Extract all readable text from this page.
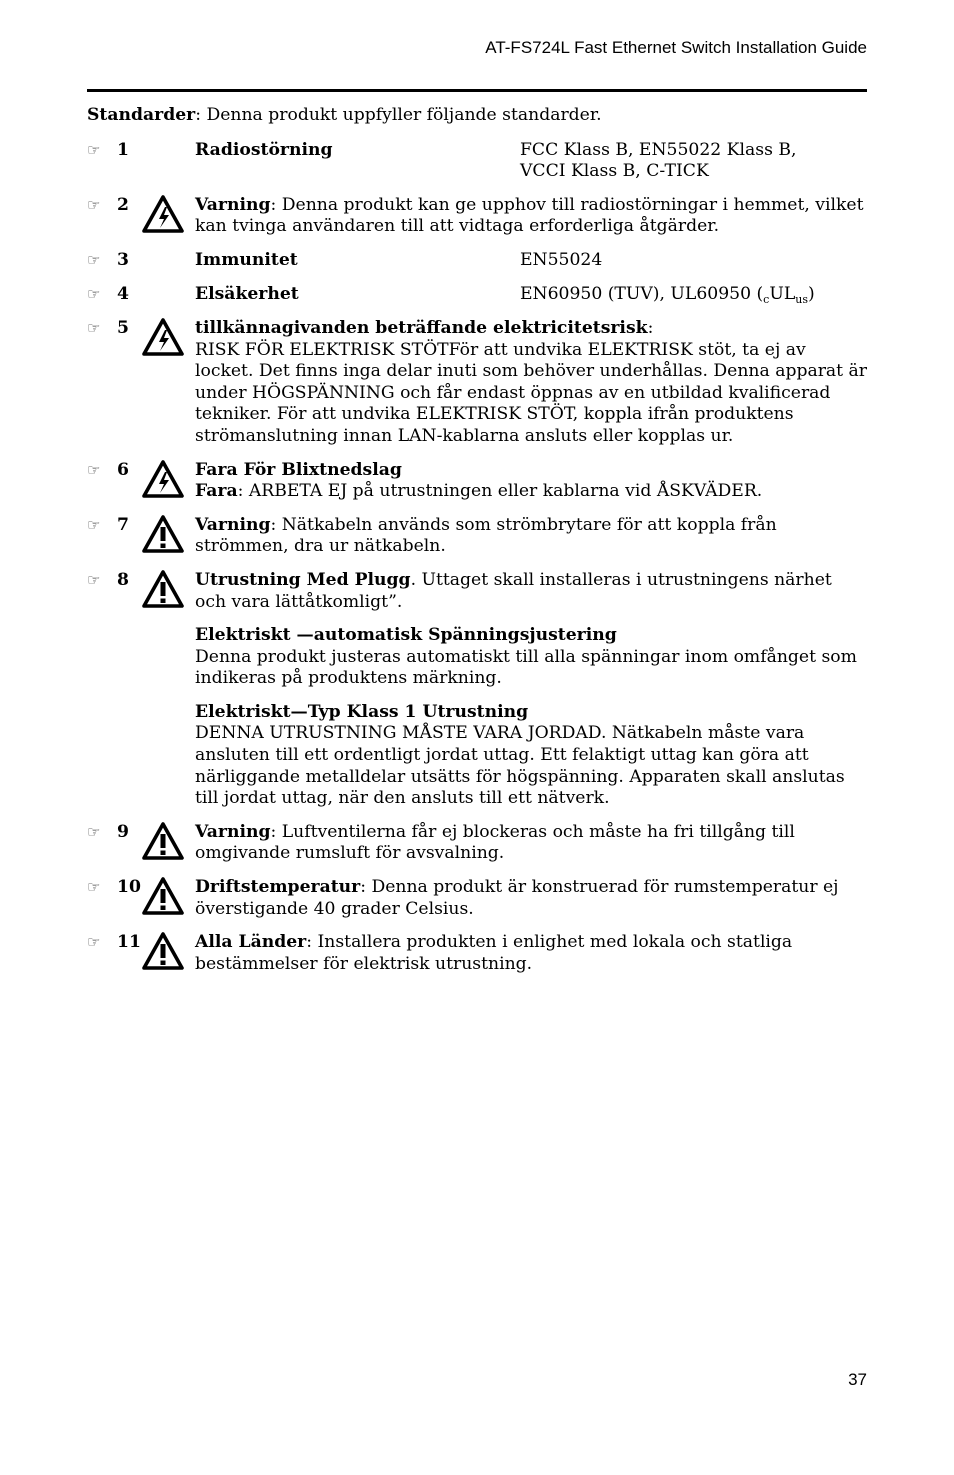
AT-FS724L Fast Ethernet Switch Installation Guide

Standarder: Denna produkt uppfyller följande standarder.

☞ 1	Radiostörning	FCC Klass B, EN55022 Klass B,
VCCI Klass B, C-TICK
☞ 2	Varning: Denna produkt kan ge upphov till radiostörningar i hemmet, vilket kan tvinga användaren till att vidtaga erforderliga åtgärder.
☞ 3	Immunitet	EN55024
☞ 4	Elsäkerhet	EN60950 (TUV), UL60950 $(_cUL_{us})$
☞ 5	tillkännagivanden beträffande elektricitetsrisk:
RISK FÖR ELEKTRISK STÖTFör att undvika ELEKTRISK stöt, ta ej av locket. Det finns inga delar inuti som behöver underhållas. Denna apparat är under HÖGSPÄNNING och får endast öppnas av en utbildad kvalificerad tekniker. För att undvika ELEKTRISK STÖT, koppla ifrån produktens strömanslutning innan LAN-kablarna ansluts eller kopplas ur.
☞ 6	Fara För Blixtnedslag
Fara: ARBETA EJ på utrustningen eller kablarna vid ÅSKVÄDER.
☞ 7	Varning: Nätkabeln används som strömbrytare för att koppla från strömmen, dra ur nätkabeln.
☞ 8	Utrustning Med Plugg. Uttaget skall installeras i utrustningens närhet och vara lättåtkomligt”.
Elektriskt —automatisk Spänningsjustering
Denna produkt justeras automatiskt till alla spänningar inom omfånget som indikeras på produktens märkning.
Elektriskt—Typ Klass 1 Utrustning
DENNA UTRUSTNING MÅSTE VARA JORDAD. Nätkabeln måste vara ansluten till ett ordentligt jordat uttag. Ett felaktigt uttag kan göra att närliggande metalldelar utsätts för högspänning. Apparaten skall anslutas till jordat uttag, när den ansluts till ett nätverk.
☞ 9	Varning: Luftventilerna får ej blockeras och måste ha fri tillgång till omgivande rumsluft för avsvalning.
☞ 10	Driftstemperatur: Denna produkt är konstruerad för rumstemperatur ej överstigande 40 grader Celsius.
☞ 11	Alla Länder: Installera produkten i enlighet med lokala och statliga bestämmelser för elektrisk utrustning.
37
